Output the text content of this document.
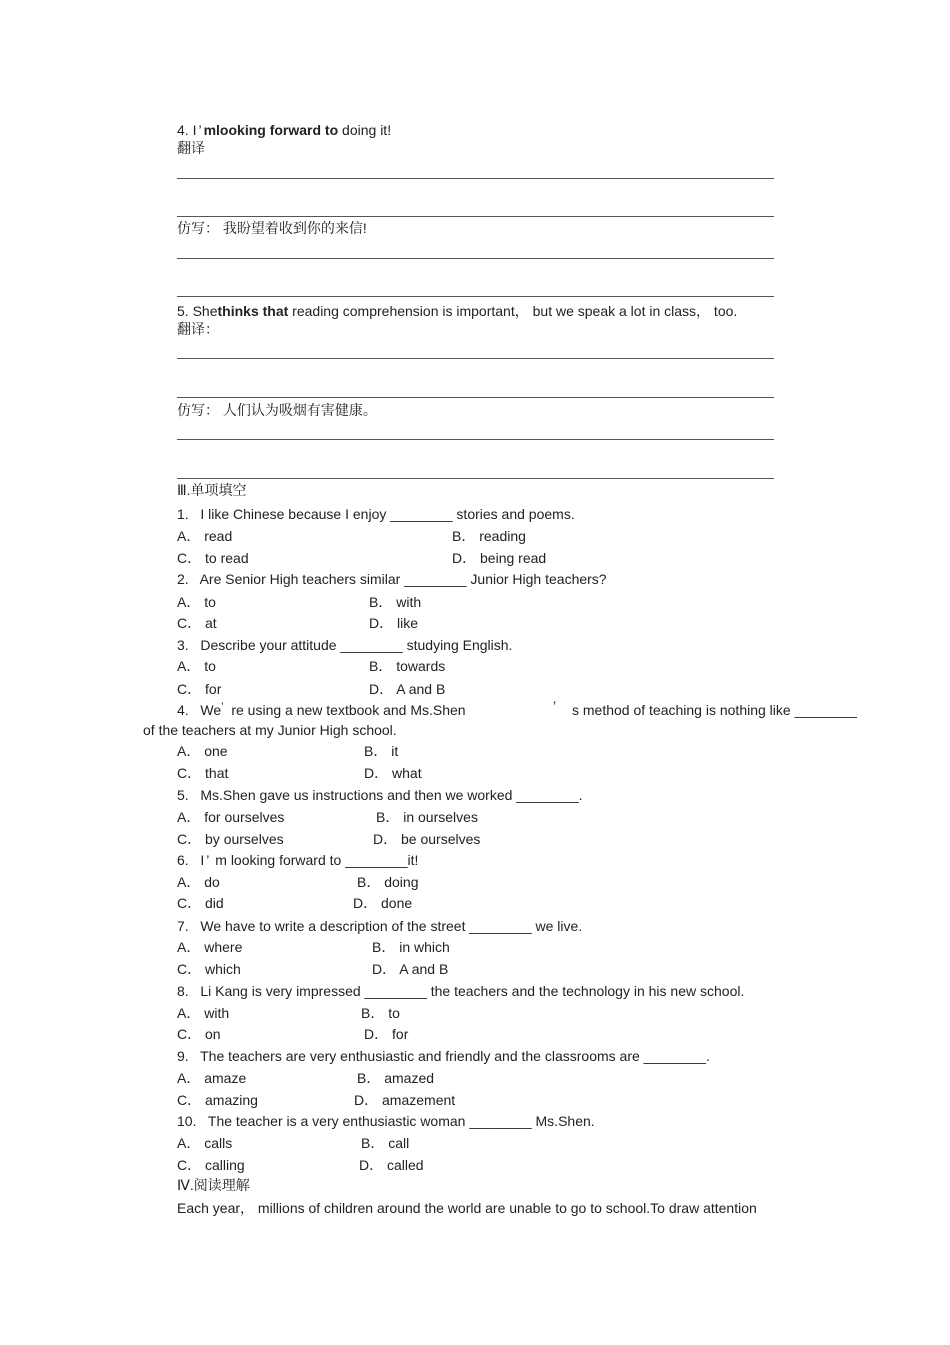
4. I ’ mlooking forward to doing it!
翻译
仿写： 我盼望着收到你的来信!
5. Shethinks that reading comprehension is important， but we speak a lot in class， too.
翻译：
仿写： 人们认为吸烟有害健康。
Ⅲ.单项填空
1. I like Chinese because I enjoy ________ stories and poems.
A． read	B． reading
C． to read	D． being read
2. Are Senior High teachers similar ________ Junior High teachers?
A． to	B． with
C． at	D． like
3. Describe your attitude ________ studying English.
A． to	B． towards
C． for	D． A and B
4. We’ re using a new textbook and Ms.Shen	’ s method of teaching is nothing like ________
of the teachers at my Junior High school.
A． one	B． it
C． that	D． what
5. Ms.Shen gave us instructions and then we worked ________.
A． for ourselves	B． in ourselves
C． by ourselves	D． be ourselves
6. I ’ m looking forward to ________it!
A． do	B． doing
C． did	D． done
7. We have to write a description of the street ________ we live.
A． where	B． in which
C． which	D． A and B
8. Li Kang is very impressed ________ the teachers and the technology in his new school.
A． with	B． to
C． on	D． for
9. The teachers are very enthusiastic and friendly and the classrooms are ________.
A． amaze	B． amazed
C． amazing	D． amazement
10. The teacher is a very enthusiastic woman ________ Ms.Shen.
A． calls	B． call
C． calling	D． called
Ⅳ.阅读理解
Each year， millions of children around the world are unable to go to school.To draw attention
